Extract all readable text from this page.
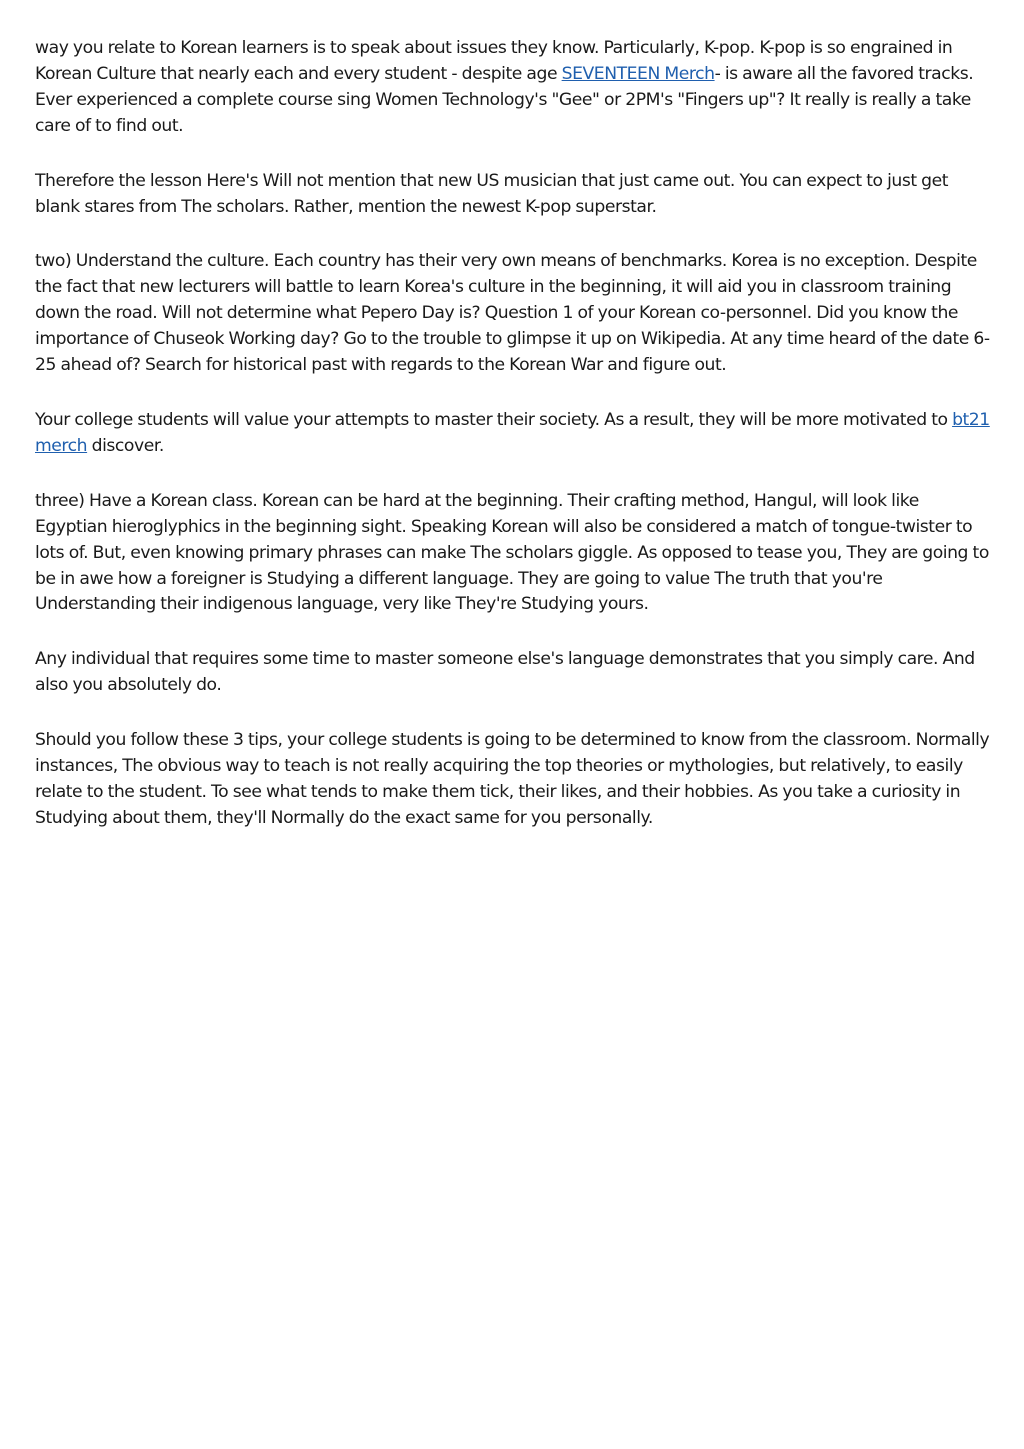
way you relate to Korean learners is to speak about issues they know. Particularly, K-pop. K-pop is so engrained in Korean Culture that nearly each and every student - despite age SEVENTEEN Merch- is aware all the favored tracks. Ever experienced a complete course sing Women Technology's "Gee" or 2PM's "Fingers up"? It really is really a take care of to find out.

Therefore the lesson Here's Will not mention that new US musician that just came out. You can expect to just get blank stares from The scholars. Rather, mention the newest K-pop superstar.

two) Understand the culture. Each country has their very own means of benchmarks. Korea is no exception. Despite the fact that new lecturers will battle to learn Korea's culture in the beginning, it will aid you in classroom training down the road. Will not determine what Pepero Day is? Question 1 of your Korean co-personnel. Did you know the importance of Chuseok Working day? Go to the trouble to glimpse it up on Wikipedia. At any time heard of the date 6-25 ahead of? Search for historical past with regards to the Korean War and figure out.

Your college students will value your attempts to master their society. As a result, they will be more motivated to bt21 merch discover.

three) Have a Korean class. Korean can be hard at the beginning. Their crafting method, Hangul, will look like Egyptian hieroglyphics in the beginning sight. Speaking Korean will also be considered a match of tongue-twister to lots of. But, even knowing primary phrases can make The scholars giggle. As opposed to tease you, They are going to be in awe how a foreigner is Studying a different language. They are going to value The truth that you're Understanding their indigenous language, very like They're Studying yours.

Any individual that requires some time to master someone else's language demonstrates that you simply care. And also you absolutely do.

Should you follow these 3 tips, your college students is going to be determined to know from the classroom. Normally instances, The obvious way to teach is not really acquiring the top theories or mythologies, but relatively, to easily relate to the student. To see what tends to make them tick, their likes, and their hobbies. As you take a curiosity in Studying about them, they'll Normally do the exact same for you personally.
